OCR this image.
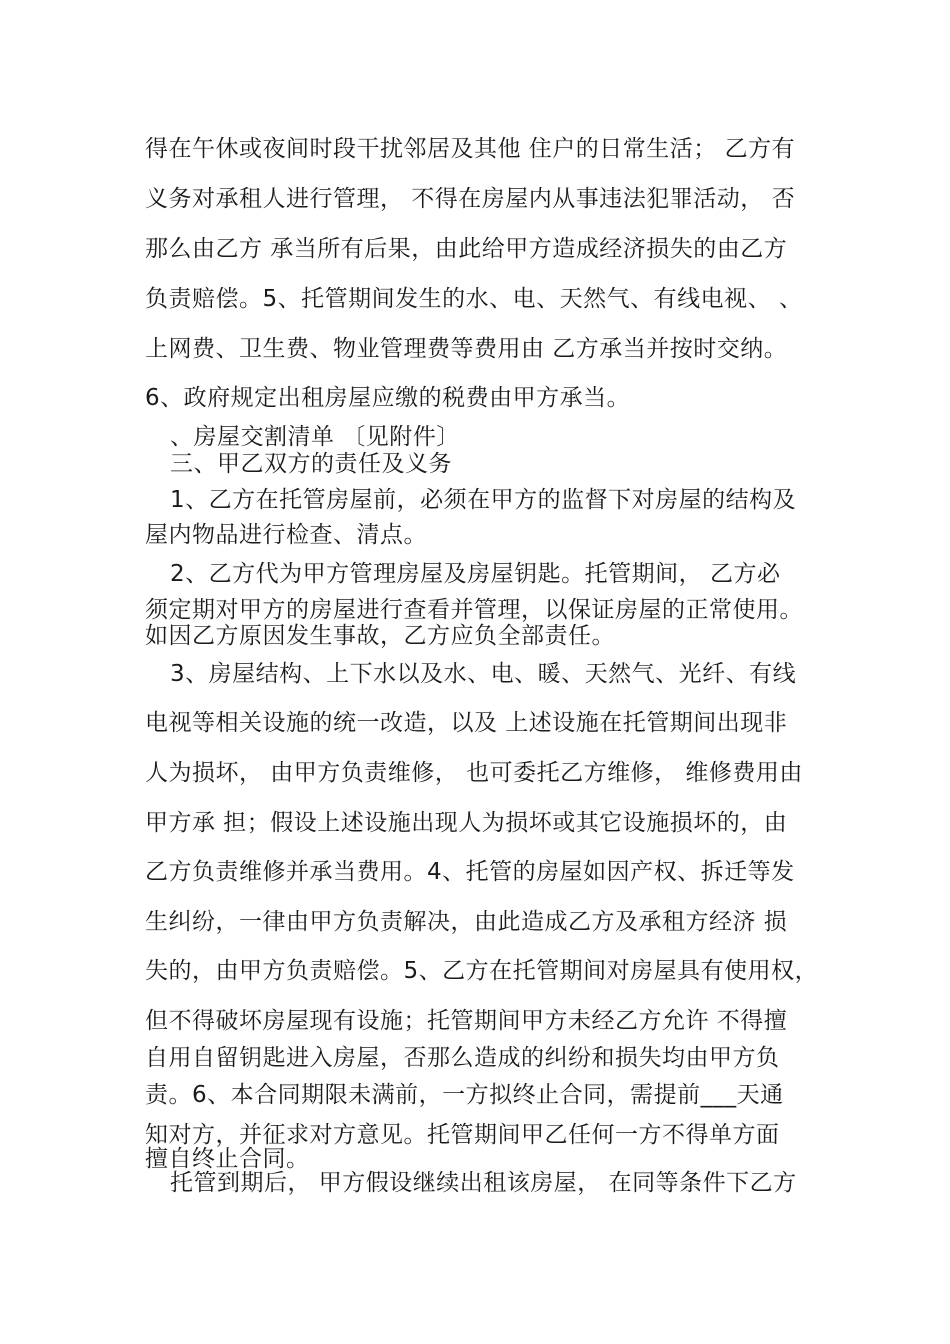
得在午休或夜间时段干扰邻居及其他 住户的日常生活； 乙方有
义务对承租人进行管理， 不得在房屋内从事违法犯罪活动， 否
那么由乙方 承当所有后果，由此给甲方造成经济损失的由乙方
负责赔偿。5、托管期间发生的水、电、天然气、有线电视、 、
上网费、卫生费、物业管理费等费用由 乙方承当并按时交纳。
6、政府规定出租房屋应缴的税费由甲方承当。
、房屋交割清单 〔见附件〕
三、甲乙双方的责任及义务
1、乙方在托管房屋前，必须在甲方的监督下对房屋的结构及
屋内物品进行检查、清点。
2、乙方代为甲方管理房屋及房屋钥匙。托管期间， 乙方必
须定期对甲方的房屋进行查看并管理，以保证房屋的正常使用。
如因乙方原因发生事故，乙方应负全部责任。
3、房屋结构、上下水以及水、电、暖、天然气、光纤、有线
电视等相关设施的统一改造，以及 上述设施在托管期间出现非
人为损坏， 由甲方负责维修， 也可委托乙方维修， 维修费用由
甲方承 担；假设上述设施出现人为损坏或其它设施损坏的，由
乙方负责维修并承当费用。4、托管的房屋如因产权、拆迁等发
生纠纷，一律由甲方负责解决，由此造成乙方及承租方经济 损
失的，由甲方负责赔偿。5、乙方在托管期间对房屋具有使用权，
但不得破坏房屋现有设施；托管期间甲方未经乙方允许 不得擅
自用自留钥匙进入房屋，否那么造成的纠纷和损失均由甲方负
责。6、本合同期限未满前，一方拟终止合同，需提前___天通
知对方，并征求对方意见。托管期间甲乙任何一方不得单方面
擅自终止合同。
托管到期后， 甲方假设继续出租该房屋， 在同等条件下乙方
